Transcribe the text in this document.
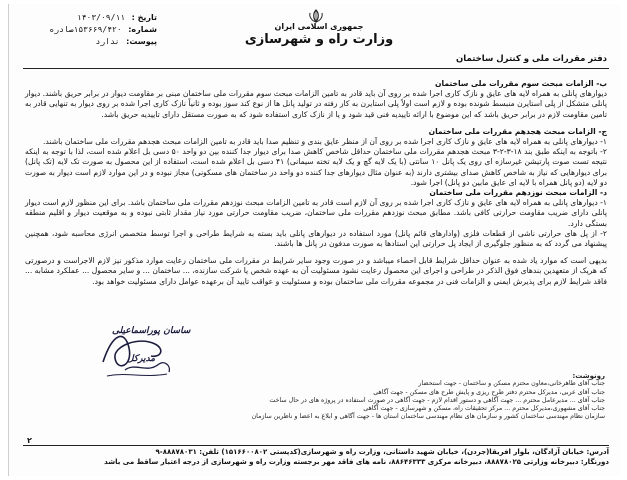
جمهوری اسلامی ایران
وزارت راه و شهرسازی
تاریخ : ۱۴۰۳/۰۹/۱۱
شماره: ۱۵۳۶۶۹/۴۲۰صادره
پیوست: ندارد
دفتر مقررات ملی و کنترل ساختمان

ب- الزامات مبحث سوم مقررات ملی ساختمان

دیوارهای پانلی به همراه لایه های عایق و نازک کاری اجرا شده بر روی آن باید قادر به تامین الزامات مبحث سوم مقررات ملی ساختمان مبنی بر مقاومت دیوار در برابر حریق باشند. دیوار پانلی متشکل از پلی استایرن منبسط شونده بوده و لازم است اولاً پلی استایرن به کار رفته در تولید پانل ها از نوع کند سوز بوده و ثانیاً نازک کاری اجرا شده بر روی دیوار به تنهایی قادر به تامین مقاومت لازم در برابر حریق باشد که این موضوع با ارائه تاییدیه فنی قید شود و یا از نازک کاری استفاده شود که به صورت مستقل دارای تاییدیه حریق باشد.

ج- الزامات مبحث هجدهم مقررات ملی ساختمان

۱- دیوارهای پانلی به همراه لایه های عایق و نازک کاری اجرا شده بر روی آن از منظر عایق بندی و تنظیم صدا باید قادر به تامین الزامات مبحث هجدهم مقررات ملی ساختمان باشند.

۲- باتوجه به اینکه طبق بند ۱۸-۳-۲-۳ مبحث هجدهم مقررات ملی ساختمان حداقل شاخص کاهش صدا برای دیوار جدا کننده بین دو واحد ۵۰ دسی بل اعلام شده است، لذا با توجه به اینکه نتیجه تست صوت پارتیشن غیرسازه ای روی یک پانل ۱۰ سانتی (با یک لایه گچ و یک لایه تخته سیمانی) ۴۱ دسی بل اعلام شده است، استفاده از این محصول به صورت تک لایه (تک پانل) برای دیوارهایی که نیاز به شاخص کاهش صدای بیشتری دارند (به عنوان مثال دیوارهای جدا کننده دو واحد در ساختمان های مسکونی) مجاز نبوده و در این موارد لازم است دیوار به صورت دو لایه (دو پانل همراه با لایه ای عایق مابین دو پانل) اجرا شود.

د- الزامات مبحث نوزدهم مقررات ملی ساختمان

۱- دیوارهای پانلی به همراه لایه های عایق و نازک کاری اجرا شده بر روی آن لازم است قادر به تامین الزامات مبحث نوزدهم مقررات ملی ساختمان باشد. برای این منظور لازم است دیوار پانلی دارای ضریب مقاومت حرارتی کافی باشد. مطابق مبحث نوزدهم مقررات ملی ساختمان، ضریب مقاومت حرارتی مورد نیاز مقدار ثابتی نبوده و به موقعیت دیوار و اقلیم منطقه بستگی دارد.

۲- از پل های حرارتی ناشی از قطعات فلزی (وادارهای قائم پانل) مورد استفاده در دیوارهای پانلی باید بسته به شرایط طراحی و اجرا توسط متخصص انرژی محاسبه شود، همچنین پیشنهاد می گردد که به منظور جلوگیری از ایجاد پل حرارتی این استادها به صورت مدفون در پانل ها باشند.

بدیهی است که موارد یاد شده به عنوان حداقل شرایط قابل احصاء میباشد و در صورت وجود سایر شرایط در مقررات ملی ساختمان رعایت موارد مذکور نیز لازم الاجراست و درصورتی که هریک از متعهدین بندهای فوق الذکر در طراحی و اجرای این محصول رعایت نشود مسئولیت آن به عهده شخص یا شرکت سازنده، ... ساختمان ... و سایر محصول ... عملکرد مشابه ... فاقد شرایط لازم برای پذیرش ایمنی و الزامات فنی در مجموعه مقررات ملی ساختمان بوده و مسئولیت و عواقب تایید آن برعهده عوامل دارای مسئولیت خواهد بود.

ساسان پوراسماعیلی
مدیرکل
رونوشت:
جناب آقای طاهرخانی،معاون محترم مسکن و ساختمان - جهت استحضار
جناب آقای عربی، مدیرکل محترم دفتر طرح ریزی و پایش طرح های مسکن - جهت آگاهی
جناب آقای ... مدیرعامل محترم ... جهت آگاهی و دستور اقدام لازم - جهت آگاهی در صورت استفاده در پروژه های در حال ساخت
جناب آقای مشهوری،مدیرکل محترم ... مرکز تحقیقات راه، مسکن و شهرسازی - جهت آگاهی
سازمان نظام مهندسی ساختمان کشور و سازمان های نظام مهندسی ساختمان استان ها - جهت آگاهی و ابلاغ به اعضا و ناظرین سازمان
۲
آدرس: خیابان آزادگان، بلوار افریقا(جردن)، خیابان شهید داستانی، وزارت راه و شهرسازی(کدپستی ۱۵۱۶۶۰۰۸۰۲) تلفن: ۸۸۸۷۸۰۳۱-۹
دورنگار: دبیرخانه وزارتی ۸۸۸۷۸۰۲۵، دبیرخانه مرکزی ۸۸۶۴۶۳۳۳، نامه های فاقد مهر برجسته وزارت راه و شهرسازی از درجه اعتبار ساقط می باشد
